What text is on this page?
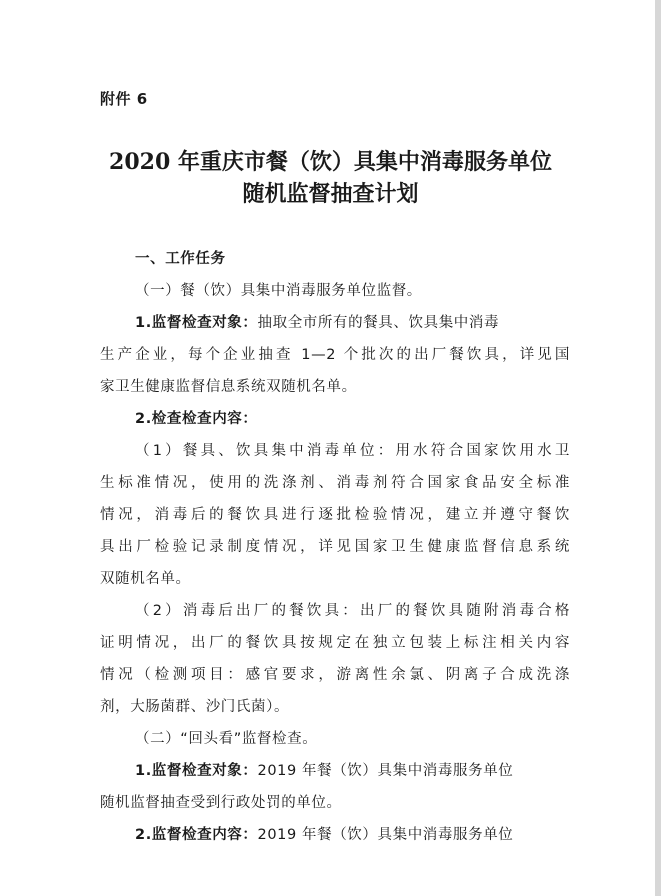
附件 6
2020 年重庆市餐（饮）具集中消毒服务单位
随机监督抽查计划
一、工作任务
（一）餐（饮）具集中消毒服务单位监督。
1.监督检查对象：抽取全市所有的餐具、饮具集中消毒
生产企业，每个企业抽查 1—2 个批次的出厂餐饮具，详见国
家卫生健康监督信息系统双随机名单。
2.检查检查内容：
（1）餐具、饮具集中消毒单位：用水符合国家饮用水卫
生标准情况，使用的洗涤剂、消毒剂符合国家食品安全标准
情况，消毒后的餐饮具进行逐批检验情况，建立并遵守餐饮
具出厂检验记录制度情况，详见国家卫生健康监督信息系统
双随机名单。
（2）消毒后出厂的餐饮具：出厂的餐饮具随附消毒合格
证明情况，出厂的餐饮具按规定在独立包装上标注相关内容
情况（检测项目：感官要求，游离性余氯、阴离子合成洗涤
剂，大肠菌群、沙门氏菌）。
（二）“回头看”监督检查。
1.监督检查对象：2019 年餐（饮）具集中消毒服务单位
随机监督抽查受到行政处罚的单位。
2.监督检查内容：2019 年餐（饮）具集中消毒服务单位
